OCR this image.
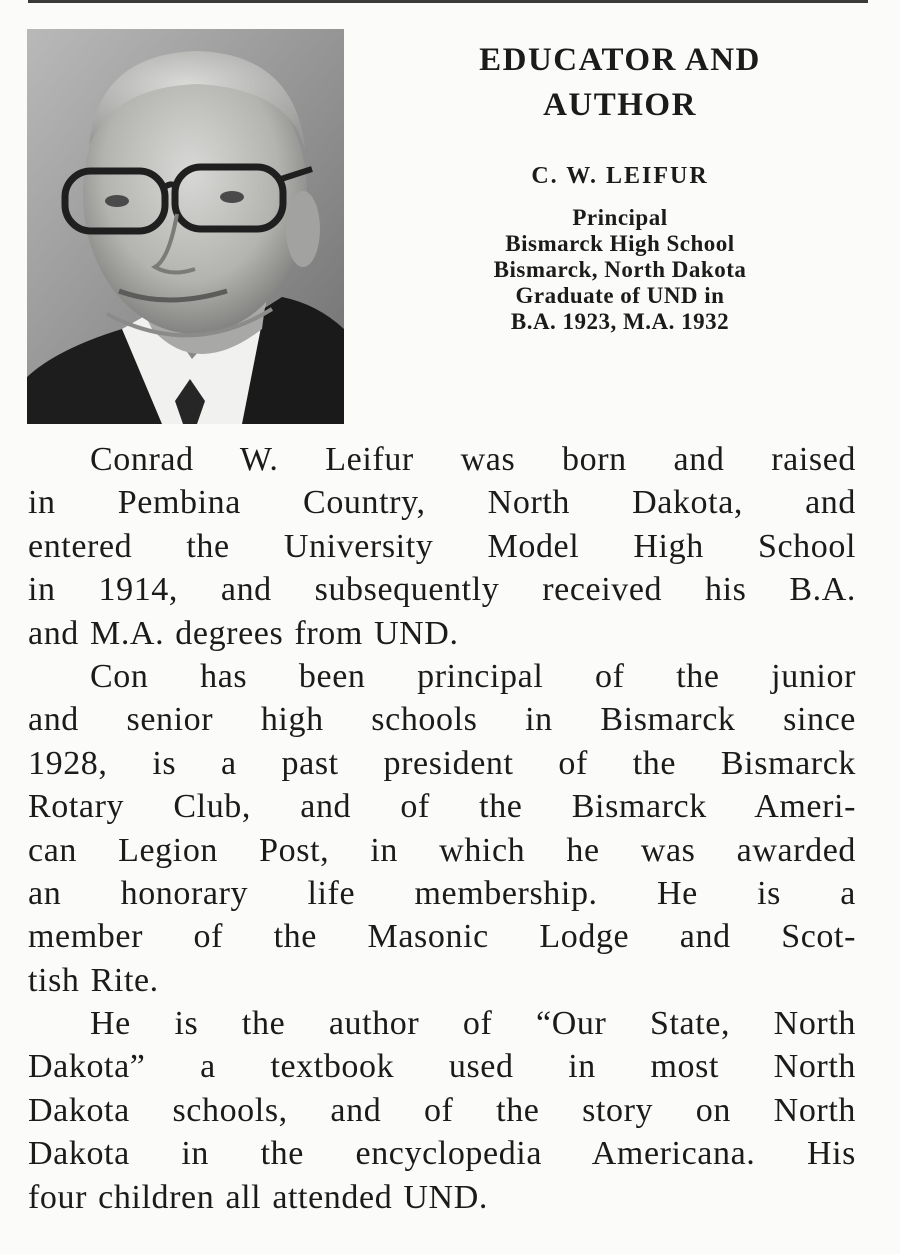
EDUCATOR AND
AUTHOR
C. W. LEIFUR
Principal
Bismarck High School
Bismarck, North Dakota
Graduate of UND in
B.A. 1923, M.A. 1932
Conrad W. Leifur was born and raised
in Pembina Country, North Dakota, and
entered the University Model High School
in 1914, and subsequently received his B.A.
and M.A. degrees from UND.
Con has been principal of the junior
and senior high schools in Bismarck since
1928, is a past president of the Bismarck
Rotary Club, and of the Bismarck Ameri-
can Legion Post, in which he was awarded
an honorary life membership. He is a
member of the Masonic Lodge and Scot-
tish Rite.
He is the author of “Our State, North
Dakota” a textbook used in most North
Dakota schools, and of the story on North
Dakota in the encyclopedia Americana. His
four children all attended UND.
